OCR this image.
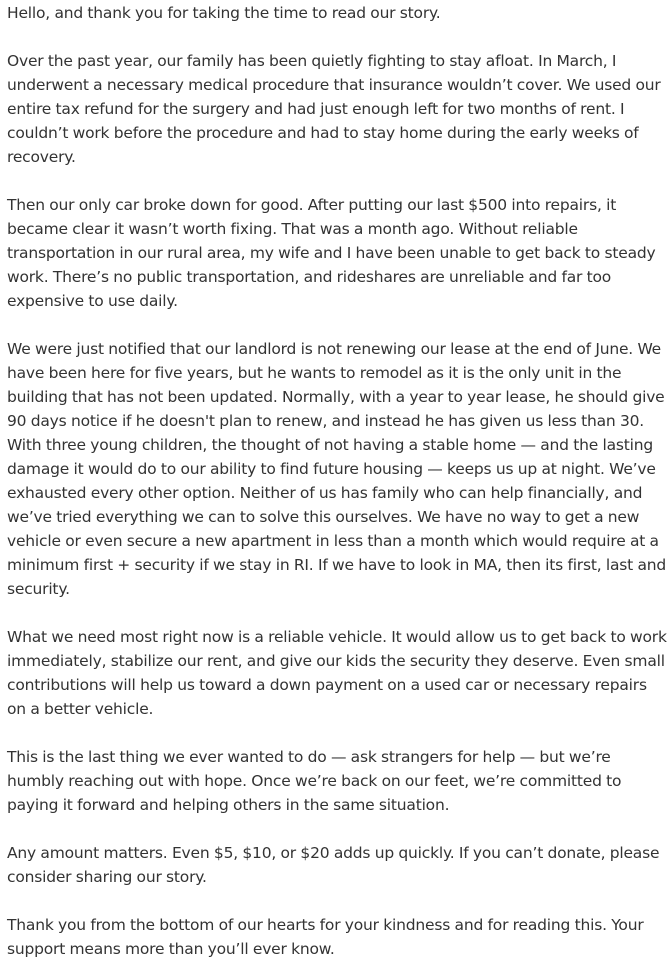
Hello, and thank you for taking the time to read our story.

Over the past year, our family has been quietly fighting to stay afloat. In March, I underwent a necessary medical procedure that insurance wouldn’t cover. We used our entire tax refund for the surgery and had just enough left for two months of rent. I couldn’t work before the procedure and had to stay home during the early weeks of recovery.

Then our only car broke down for good. After putting our last $500 into repairs, it became clear it wasn’t worth fixing. That was a month ago. Without reliable transportation in our rural area, my wife and I have been unable to get back to steady work. There’s no public transportation, and rideshares are unreliable and far too expensive to use daily.

We were just notified that our landlord is not renewing our lease at the end of June. We have been here for five years, but he wants to remodel as it is the only unit in the building that has not been updated. Normally, with a year to year lease, he should give 90 days notice if he doesn't plan to renew, and instead he has given us less than 30. With three young children, the thought of not having a stable home — and the lasting damage it would do to our ability to find future housing — keeps us up at night. We’ve exhausted every other option. Neither of us has family who can help financially, and we’ve tried everything we can to solve this ourselves. We have no way to get a new vehicle or even secure a new apartment in less than a month which would require at a minimum first + security if we stay in RI. If we have to look in MA, then its first, last and security.

What we need most right now is a reliable vehicle. It would allow us to get back to work immediately, stabilize our rent, and give our kids the security they deserve. Even small contributions will help us toward a down payment on a used car or necessary repairs on a better vehicle.

This is the last thing we ever wanted to do — ask strangers for help — but we’re humbly reaching out with hope. Once we’re back on our feet, we’re committed to paying it forward and helping others in the same situation.

Any amount matters. Even $5, $10, or $20 adds up quickly. If you can’t donate, please consider sharing our story.

Thank you from the bottom of our hearts for your kindness and for reading this. Your support means more than you’ll ever know.
